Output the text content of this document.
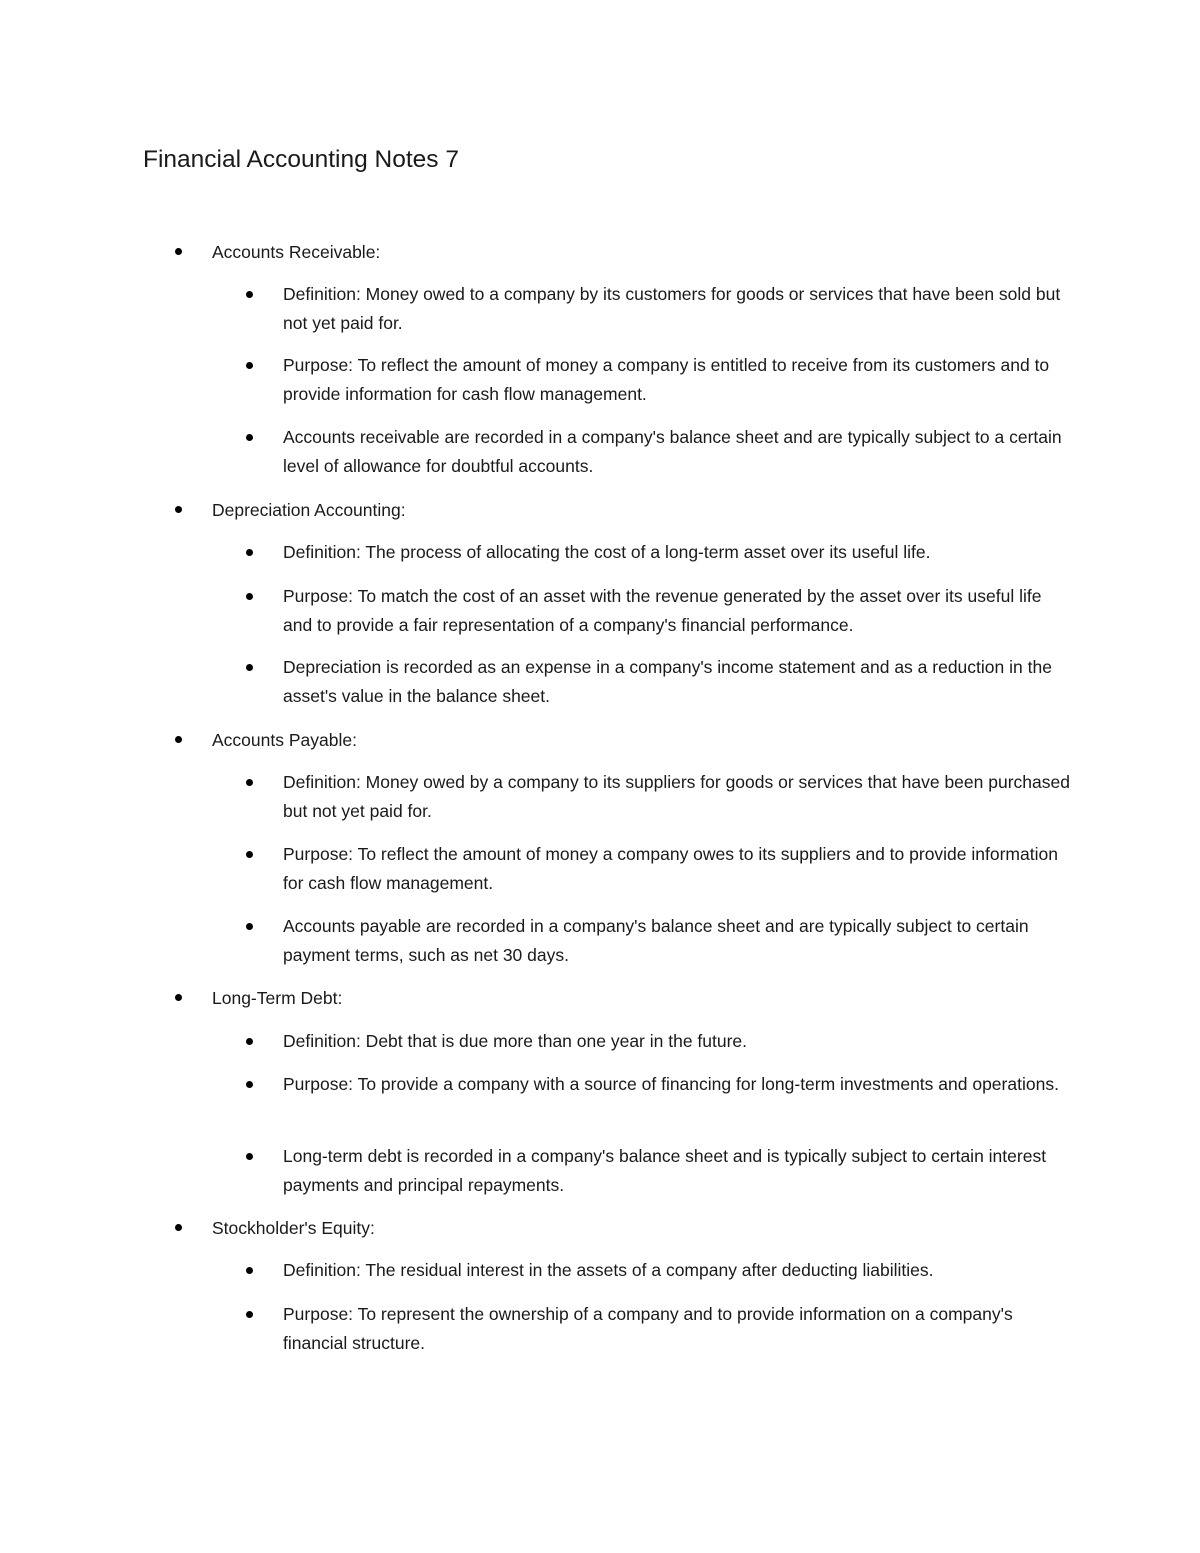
Financial Accounting Notes 7
Accounts Receivable:
Definition: Money owed to a company by its customers for goods or services that have been sold but not yet paid for.
Purpose: To reflect the amount of money a company is entitled to receive from its customers and to provide information for cash flow management.
Accounts receivable are recorded in a company's balance sheet and are typically subject to a certain level of allowance for doubtful accounts.
Depreciation Accounting:
Definition: The process of allocating the cost of a long-term asset over its useful life.
Purpose: To match the cost of an asset with the revenue generated by the asset over its useful life and to provide a fair representation of a company's financial performance.
Depreciation is recorded as an expense in a company's income statement and as a reduction in the asset's value in the balance sheet.
Accounts Payable:
Definition: Money owed by a company to its suppliers for goods or services that have been purchased but not yet paid for.
Purpose: To reflect the amount of money a company owes to its suppliers and to provide information for cash flow management.
Accounts payable are recorded in a company's balance sheet and are typically subject to certain payment terms, such as net 30 days.
Long-Term Debt:
Definition: Debt that is due more than one year in the future.
Purpose: To provide a company with a source of financing for long-term investments and operations.
Long-term debt is recorded in a company's balance sheet and is typically subject to certain interest payments and principal repayments.
Stockholder's Equity:
Definition: The residual interest in the assets of a company after deducting liabilities.
Purpose: To represent the ownership of a company and to provide information on a company's financial structure.
